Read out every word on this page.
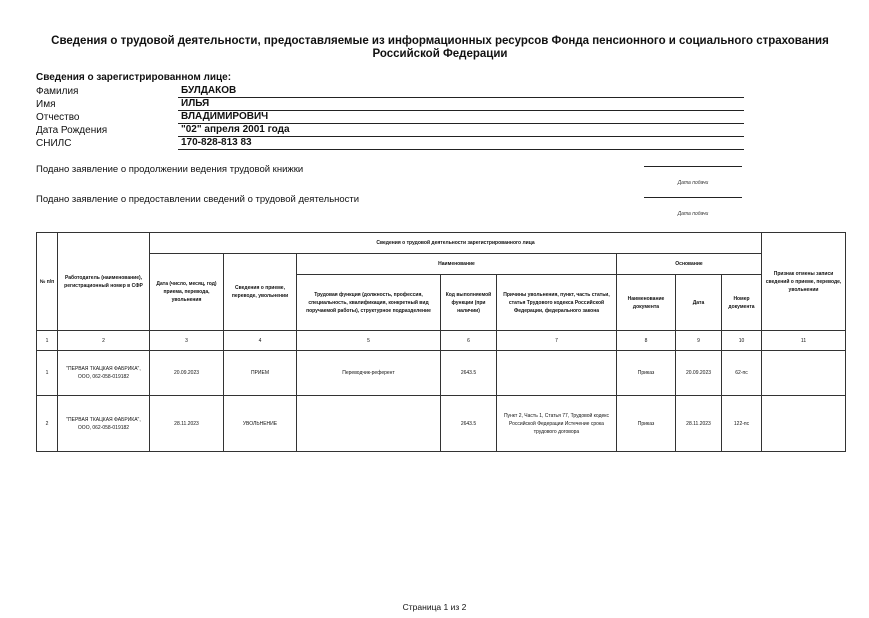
Сведения о трудовой деятельности, предоставляемые из информационных ресурсов Фонда пенсионного и социального страхования Российской Федерации
Сведения о зарегистрированном лице:
Фамилия	БУЛДАКОВ
Имя	ИЛЬЯ
Отчество	ВЛАДИМИРОВИЧ
Дата Рождения	"02" апреля 2001 года
СНИЛС	170-828-813 83
Подано заявление о продолжении ведения трудовой книжки
Дата подачи
Подано заявление о предоставлении сведений о трудовой деятельности
Дата подачи
№ п/п	Работодатель (наименование), регистрационный номер в СФР	Сведения о трудовой деятельности зарегистрированного лица								Признак отмены записи сведений о приеме, переводе, увольнении
		Дата (число, месяц, год) приема, перевода, увольнения	Сведения о приеме, переводе, увольнении	Наименование			Основание			
				Трудовая функция (должность, профессия, специальность, квалификация, конкретный вид поручаемой работы), структурное подразделение	Код выполняемой функции (при наличии)	Причины увольнения, пункт, часть статьи, статья Трудового кодекса Российской Федерации, федерального закона	Наименование документа	Дата	Номер документа	
1	2	3	4	5	6	7	8	9	10	11
1	"ПЕРВАЯ ТКАЦКАЯ ФАБРИКА", ООО, 062-058-019182	20.09.2023	ПРИЕМ	Переводчик-референт	2643.5		Приказ	20.09.2023	62-пс	
2	"ПЕРВАЯ ТКАЦКАЯ ФАБРИКА", ООО, 062-058-019182	28.11.2023	УВОЛЬНЕНИЕ		2643.5	Пункт 2, Часть 1, Статья 77, Трудовой кодекс Российской Федерации Истечение срока трудового договора	Приказ	28.11.2023	122-пс	
Страница 1 из 2
